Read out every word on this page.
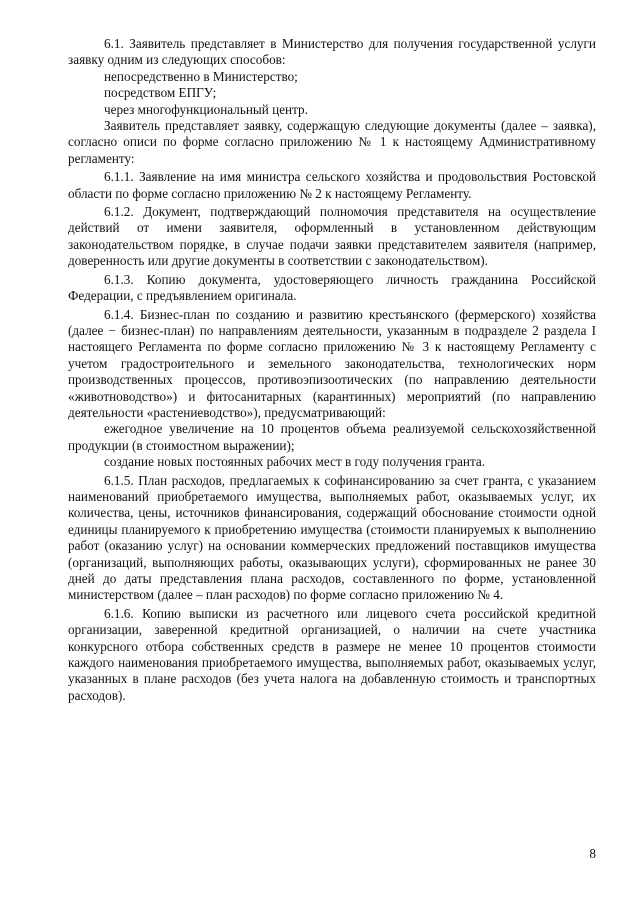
6.1. Заявитель представляет в Министерство для получения государственной услуги заявку одним из следующих способов:

непосредственно в Министерство;

посредством ЕПГУ;

через многофункциональный центр.

Заявитель представляет заявку, содержащую следующие документы (далее – заявка), согласно описи по форме согласно приложению № 1 к настоящему Административному регламенту:

6.1.1. Заявление на имя министра сельского хозяйства и продовольствия Ростовской области по форме согласно приложению № 2 к настоящему Регламенту.

6.1.2. Документ, подтверждающий полномочия представителя на осуществление действий от имени заявителя, оформленный в установленном действующим законодательством порядке, в случае подачи заявки представителем заявителя (например, доверенность или другие документы в соответствии с законодательством).

6.1.3. Копию документа, удостоверяющего личность гражданина Российской Федерации, с предъявлением оригинала.

6.1.4. Бизнес-план по созданию и развитию крестьянского (фермерского) хозяйства (далее − бизнес-план) по направлениям деятельности, указанным в подразделе 2 раздела I настоящего Регламента по форме согласно приложению № 3 к настоящему Регламенту с учетом градостроительного и земельного законодательства, технологических норм производственных процессов, противоэпизоотических (по направлению деятельности «животноводство») и фитосанитарных (карантинных) мероприятий (по направлению деятельности «растениеводство»), предусматривающий:

ежегодное увеличение на 10 процентов объема реализуемой сельскохозяйственной продукции (в стоимостном выражении);

создание новых постоянных рабочих мест в году получения гранта.

6.1.5. План расходов, предлагаемых к софинансированию за счет гранта, с указанием наименований приобретаемого имущества, выполняемых работ, оказываемых услуг, их количества, цены, источников финансирования, содержащий обоснование стоимости одной единицы планируемого к приобретению имущества (стоимости планируемых к выполнению работ (оказанию услуг) на основании коммерческих предложений поставщиков имущества (организаций, выполняющих работы, оказывающих услуги), сформированных не ранее 30 дней до даты представления плана расходов, составленного по форме, установленной министерством (далее – план расходов) по форме согласно приложению № 4.

6.1.6. Копию выписки из расчетного или лицевого счета российской кредитной организации, заверенной кредитной организацией, о наличии на счете участника конкурсного отбора собственных средств в размере не менее 10 процентов стоимости каждого наименования приобретаемого имущества, выполняемых работ, оказываемых услуг, указанных в плане расходов (без учета налога на добавленную стоимость и транспортных расходов).

8
